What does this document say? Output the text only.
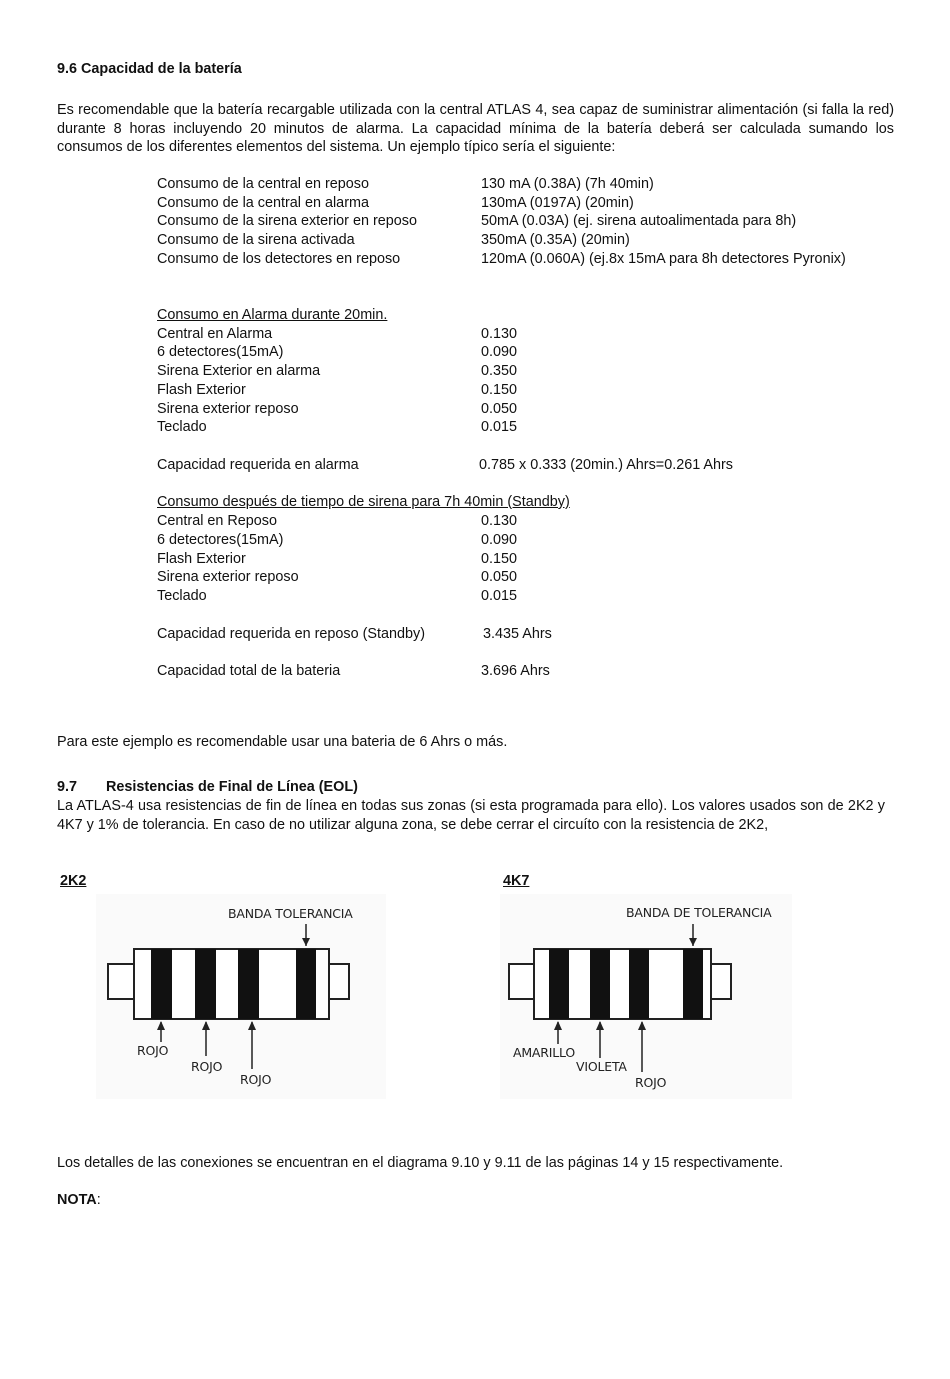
9.6 Capacidad de la batería
Es recomendable que la batería recargable utilizada con la central ATLAS 4, sea capaz de suministrar alimentación (si falla la red) durante 8 horas incluyendo 20 minutos de alarma. La capacidad mínima de la batería deberá ser calculada sumando los consumos de los diferentes elementos del sistema. Un ejemplo típico sería el siguiente:
Consumo de la central en reposo	130 mA (0.38A) (7h 40min)
Consumo de la central en alarma	130mA (0197A) (20min)
Consumo de la sirena exterior en reposo	50mA (0.03A) (ej. sirena autoalimentada para 8h)
Consumo de la sirena activada	350mA (0.35A) (20min)
Consumo de los detectores en reposo	120mA (0.060A) (ej.8x 15mA para 8h detectores Pyronix)
Consumo en Alarma durante 20min.
Central en Alarma	0.130
6 detectores(15mA)	0.090
Sirena Exterior en alarma	0.350
Flash Exterior	0.150
Sirena exterior reposo	0.050
Teclado	0.015
Capacidad requerida en alarma	0.785 x 0.333 (20min.) Ahrs=0.261 Ahrs
Consumo después de tiempo de sirena para 7h 40min (Standby)
Central en Reposo	0.130
6 detectores(15mA)	0.090
Flash Exterior	0.150
Sirena exterior reposo	0.050
Teclado	0.015
Capacidad requerida en reposo (Standby)	3.435 Ahrs
Capacidad total de la bateria	3.696 Ahrs
Para este ejemplo es recomendable usar una bateria de 6 Ahrs o más.
9.7 Resistencias de Final de Línea (EOL)
La ATLAS-4 usa resistencias de fin de línea en todas sus zonas (si esta programada para ello). Los valores usados son de 2K2 y 4K7 y 1% de tolerancia. En caso de no utilizar alguna zona, se debe cerrar el circuíto con la resistencia de 2K2,
2K2	4K7
BANDA TOLERANCIA
ROJO
ROJO
ROJO
BANDA DE TOLERANCIA
AMARILLO
VIOLETA
ROJO
Los detalles de las conexiones se encuentran en el diagrama 9.10 y 9.11 de las páginas 14 y 15 respectivamente.
NOTA:
